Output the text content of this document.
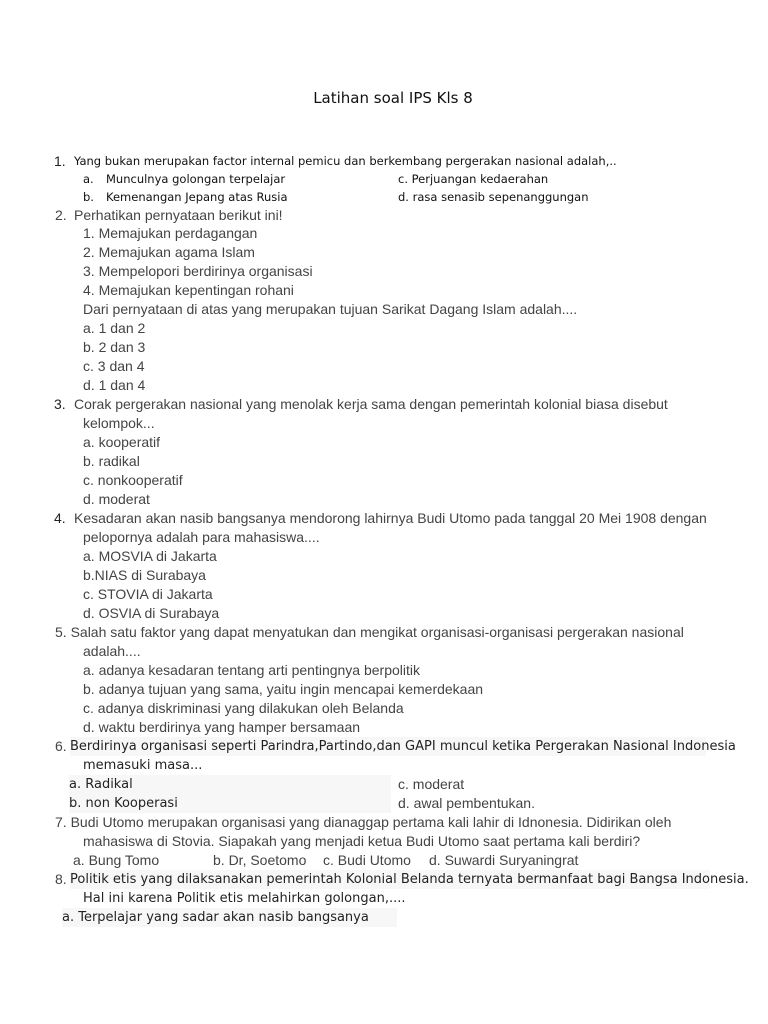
Latihan soal IPS Kls 8
1. Yang bukan merupakan factor internal pemicu dan berkembang pergerakan nasional adalah,..
a. Munculnya golongan terpelajar	c. Perjuangan kedaerahan
b. Kemenangan Jepang atas Rusia	d. rasa senasib sepenanggungan
2. Perhatikan pernyataan berikut ini!
1. Memajukan perdagangan
2. Memajukan agama Islam
3. Mempelopori berdirinya organisasi
4. Memajukan kepentingan rohani
Dari pernyataan di atas yang merupakan tujuan Sarikat Dagang Islam adalah....
a. 1 dan 2
b. 2 dan 3
c. 3 dan 4
d. 1 dan 4
3. Corak pergerakan nasional yang menolak kerja sama dengan pemerintah kolonial biasa disebut
kelompok...
a. kooperatif
b. radikal
c. nonkooperatif
d. moderat
4. Kesadaran akan nasib bangsanya mendorong lahirnya Budi Utomo pada tanggal 20 Mei 1908 dengan
pelopornya adalah para mahasiswa....
a. MOSVIA di Jakarta
b.NIAS di Surabaya
c. STOVIA di Jakarta
d. OSVIA di Surabaya
5. Salah satu faktor yang dapat menyatukan dan mengikat organisasi-organisasi pergerakan nasional
adalah....
a. adanya kesadaran tentang arti pentingnya berpolitik
b. adanya tujuan yang sama, yaitu ingin mencapai kemerdekaan
c. adanya diskriminasi yang dilakukan oleh Belanda
d. waktu berdirinya yang hamper bersamaan
6. Berdirinya organisasi seperti Parindra,Partindo,dan GAPI muncul ketika Pergerakan Nasional Indonesia
memasuki masa...
a. Radikal	c. moderat
b. non Kooperasi	d. awal pembentukan.
7. Budi Utomo merupakan organisasi yang dianaggap pertama kali lahir di Idnonesia. Didirikan oleh
mahasiswa di Stovia. Siapakah yang menjadi ketua Budi Utomo saat pertama kali berdiri?
a. Bung Tomo	b. Dr, Soetomo c. Budi Utomo d. Suwardi Suryaningrat
8. Politik etis yang dilaksanakan pemerintah Kolonial Belanda ternyata bermanfaat bagi Bangsa Indonesia.
Hal ini karena Politik etis melahirkan golongan,....
a. Terpelajar yang sadar akan nasib bangsanya
